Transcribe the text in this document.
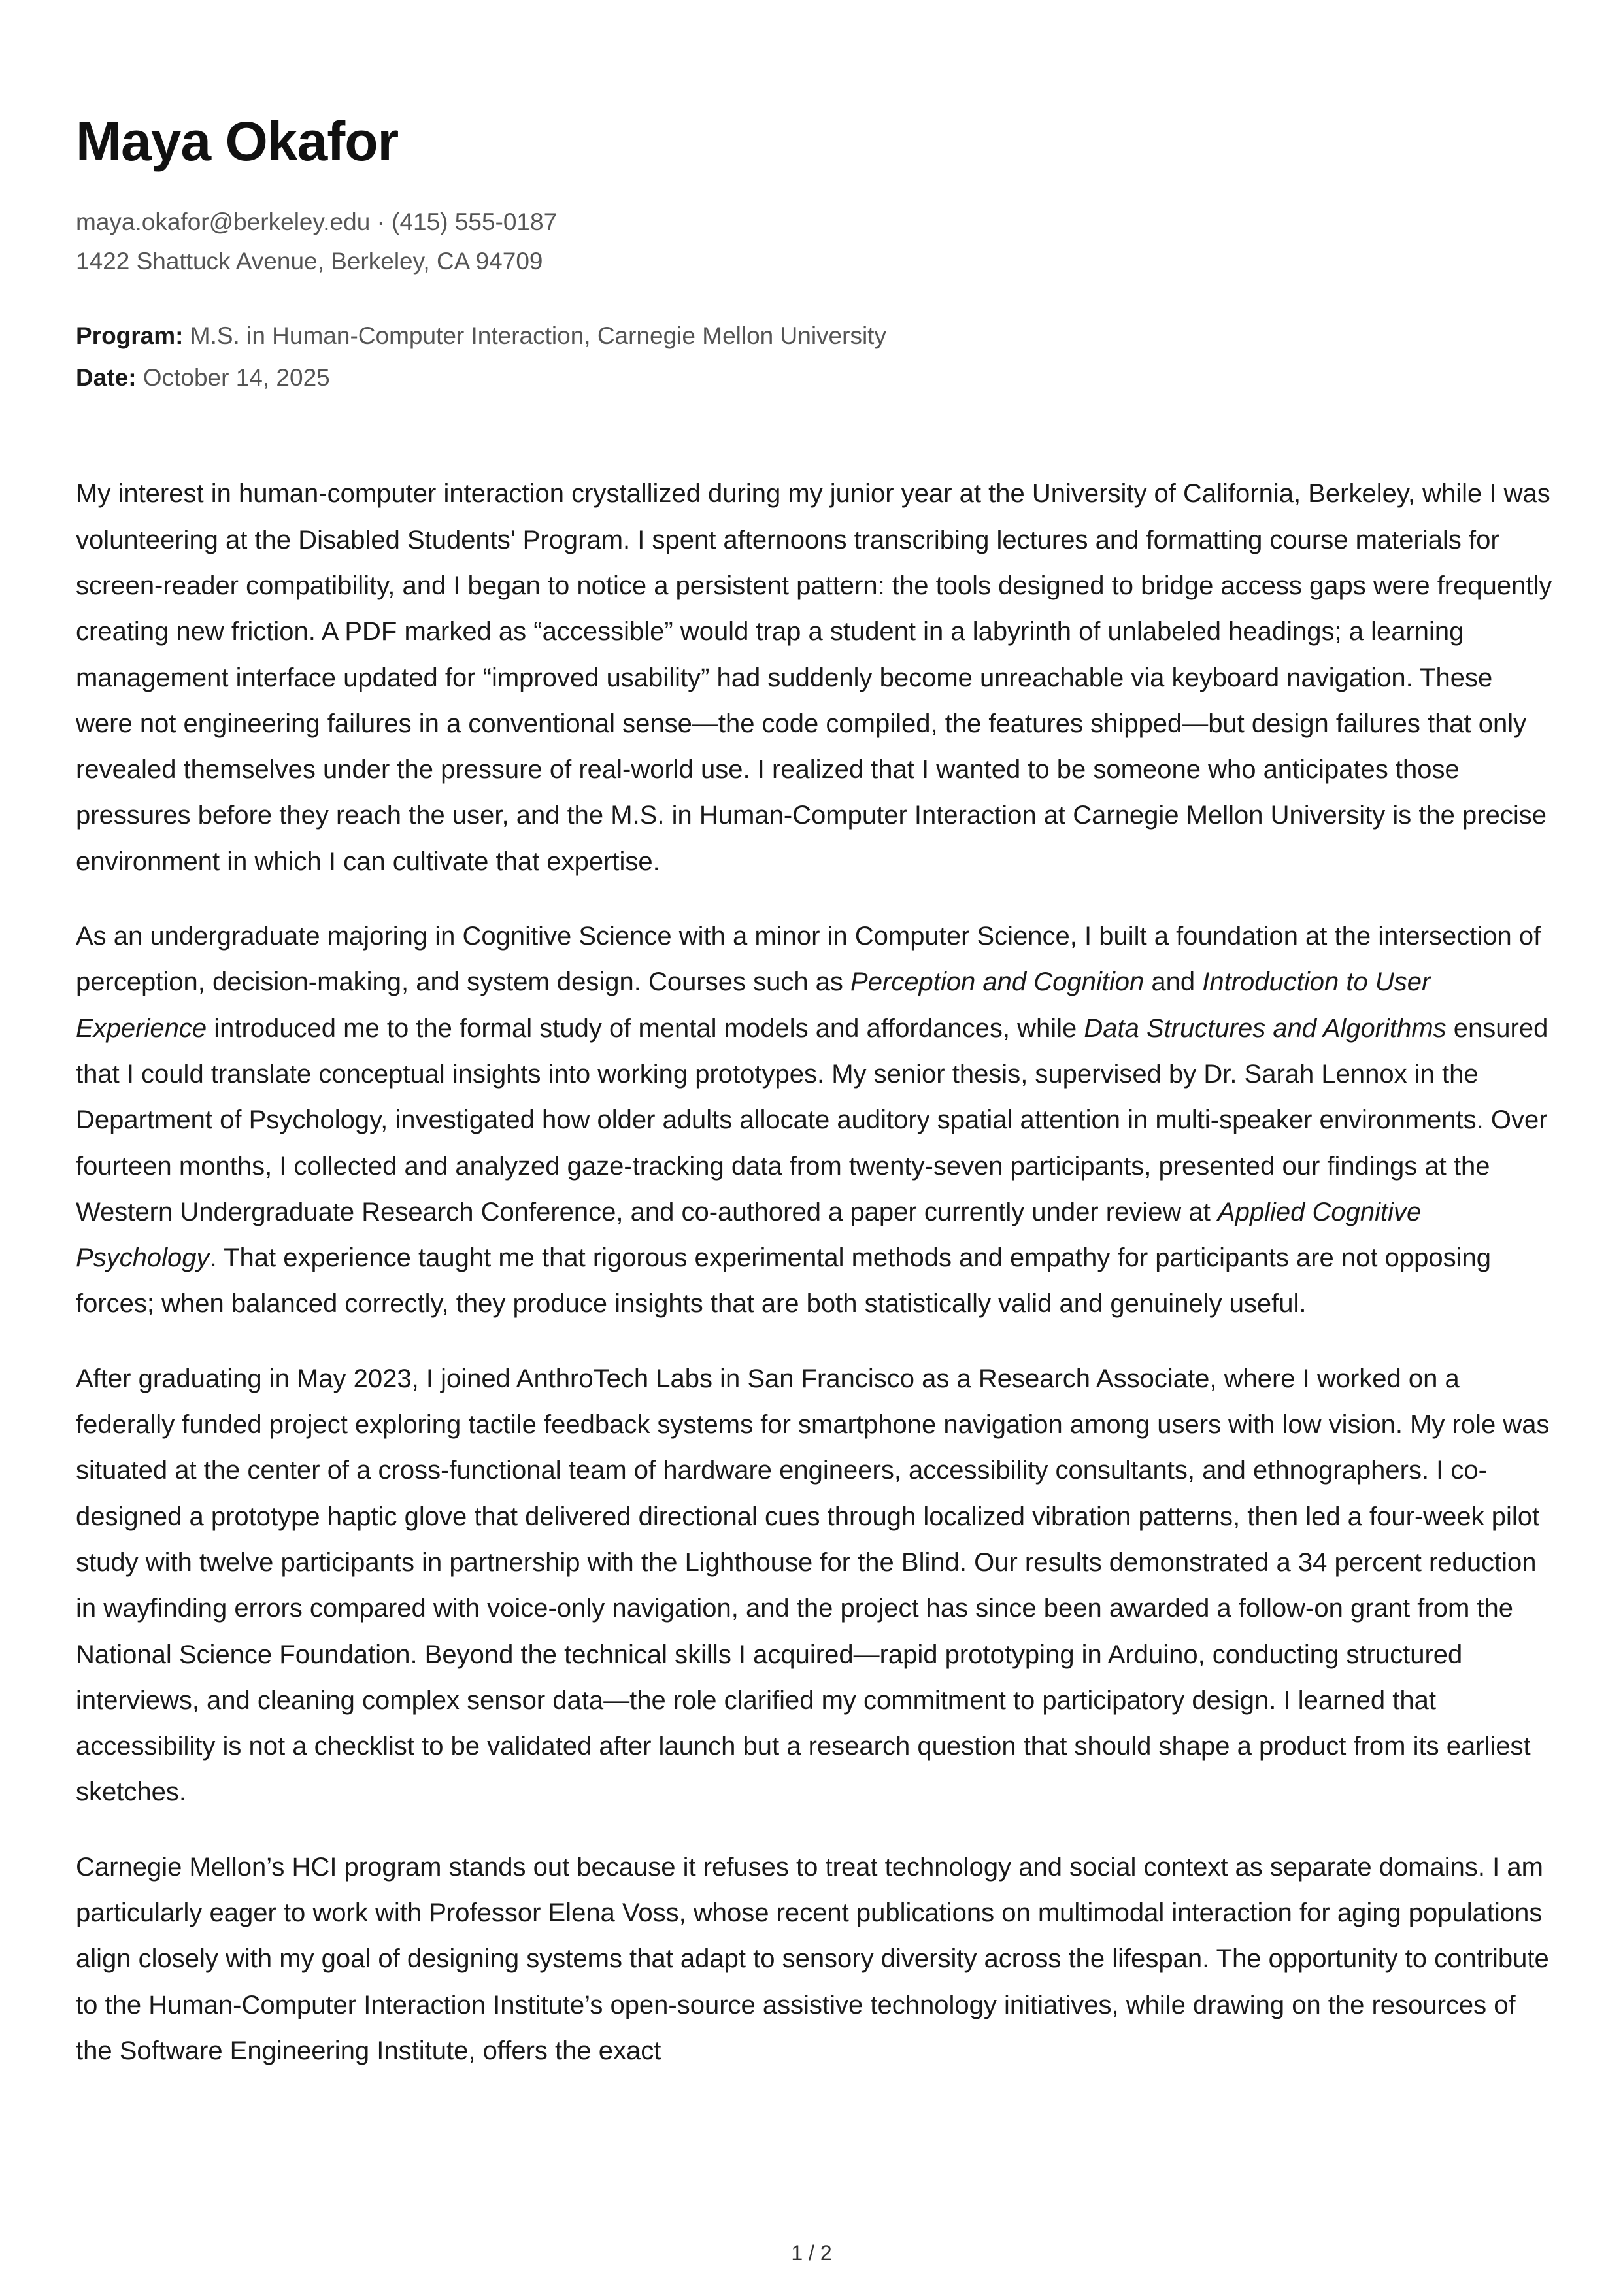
Maya Okafor
maya.okafor@berkeley.edu · (415) 555-0187
1422 Shattuck Avenue, Berkeley, CA 94709
Program: M.S. in Human-Computer Interaction, Carnegie Mellon University
Date: October 14, 2025

My interest in human-computer interaction crystallized during my junior year at the University of California, Berkeley, while I was volunteering at the Disabled Students' Program. I spent afternoons transcribing lectures and formatting course materials for screen-reader compatibility, and I began to notice a persistent pattern: the tools designed to bridge access gaps were frequently creating new friction. A PDF marked as “accessible” would trap a student in a labyrinth of unlabeled headings; a learning management interface updated for “improved usability” had suddenly become unreachable via keyboard navigation. These were not engineering failures in a conventional sense—the code compiled, the features shipped—but design failures that only revealed themselves under the pressure of real-world use. I realized that I wanted to be someone who anticipates those pressures before they reach the user, and the M.S. in Human-Computer Interaction at Carnegie Mellon University is the precise environment in which I can cultivate that expertise.

As an undergraduate majoring in Cognitive Science with a minor in Computer Science, I built a foundation at the intersection of perception, decision-making, and system design. Courses such as Perception and Cognition and Introduction to User Experience introduced me to the formal study of mental models and affordances, while Data Structures and Algorithms ensured that I could translate conceptual insights into working prototypes. My senior thesis, supervised by Dr. Sarah Lennox in the Department of Psychology, investigated how older adults allocate auditory spatial attention in multi-speaker environments. Over fourteen months, I collected and analyzed gaze-tracking data from twenty-seven participants, presented our findings at the Western Undergraduate Research Conference, and co-authored a paper currently under review at Applied Cognitive Psychology. That experience taught me that rigorous experimental methods and empathy for participants are not opposing forces; when balanced correctly, they produce insights that are both statistically valid and genuinely useful.

After graduating in May 2023, I joined AnthroTech Labs in San Francisco as a Research Associate, where I worked on a federally funded project exploring tactile feedback systems for smartphone navigation among users with low vision. My role was situated at the center of a cross-functional team of hardware engineers, accessibility consultants, and ethnographers. I co-designed a prototype haptic glove that delivered directional cues through localized vibration patterns, then led a four-week pilot study with twelve participants in partnership with the Lighthouse for the Blind. Our results demonstrated a 34 percent reduction in wayfinding errors compared with voice-only navigation, and the project has since been awarded a follow-on grant from the National Science Foundation. Beyond the technical skills I acquired—rapid prototyping in Arduino, conducting structured interviews, and cleaning complex sensor data—the role clarified my commitment to participatory design. I learned that accessibility is not a checklist to be validated after launch but a research question that should shape a product from its earliest sketches.

Carnegie Mellon’s HCI program stands out because it refuses to treat technology and social context as separate domains. I am particularly eager to work with Professor Elena Voss, whose recent publications on multimodal interaction for aging populations align closely with my goal of designing systems that adapt to sensory diversity across the lifespan. The opportunity to contribute to the Human-Computer Interaction Institute’s open-source assistive technology initiatives, while drawing on the resources of the Software Engineering Institute, offers the exact

1 / 2
